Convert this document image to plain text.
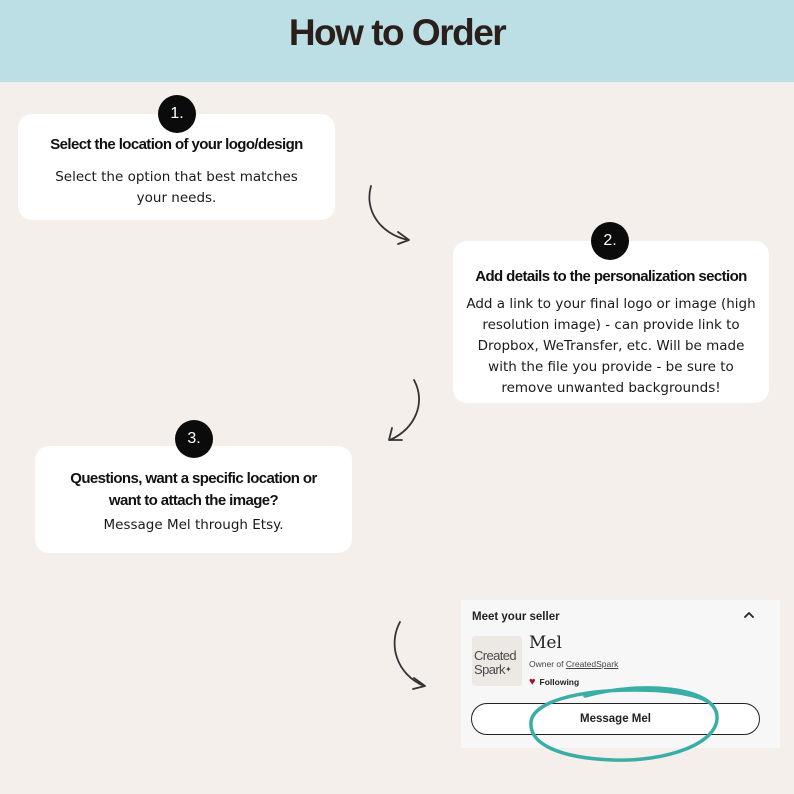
How to Order
1.
Select the location of your logo/design
Select the option that best matches your needs.
2.
Add details to the personalization section
Add a link to your final logo or image (high resolution image) - can provide link to Dropbox, WeTransfer, etc. Will be made with the file you provide - be sure to remove unwanted backgrounds!
3.
Questions, want a specific location or
want to attach the image?
Message Mel through Etsy.
Meet your seller
Created
Spark✦
Mel
Owner of CreatedSpark
♥ Following
Message Mel
